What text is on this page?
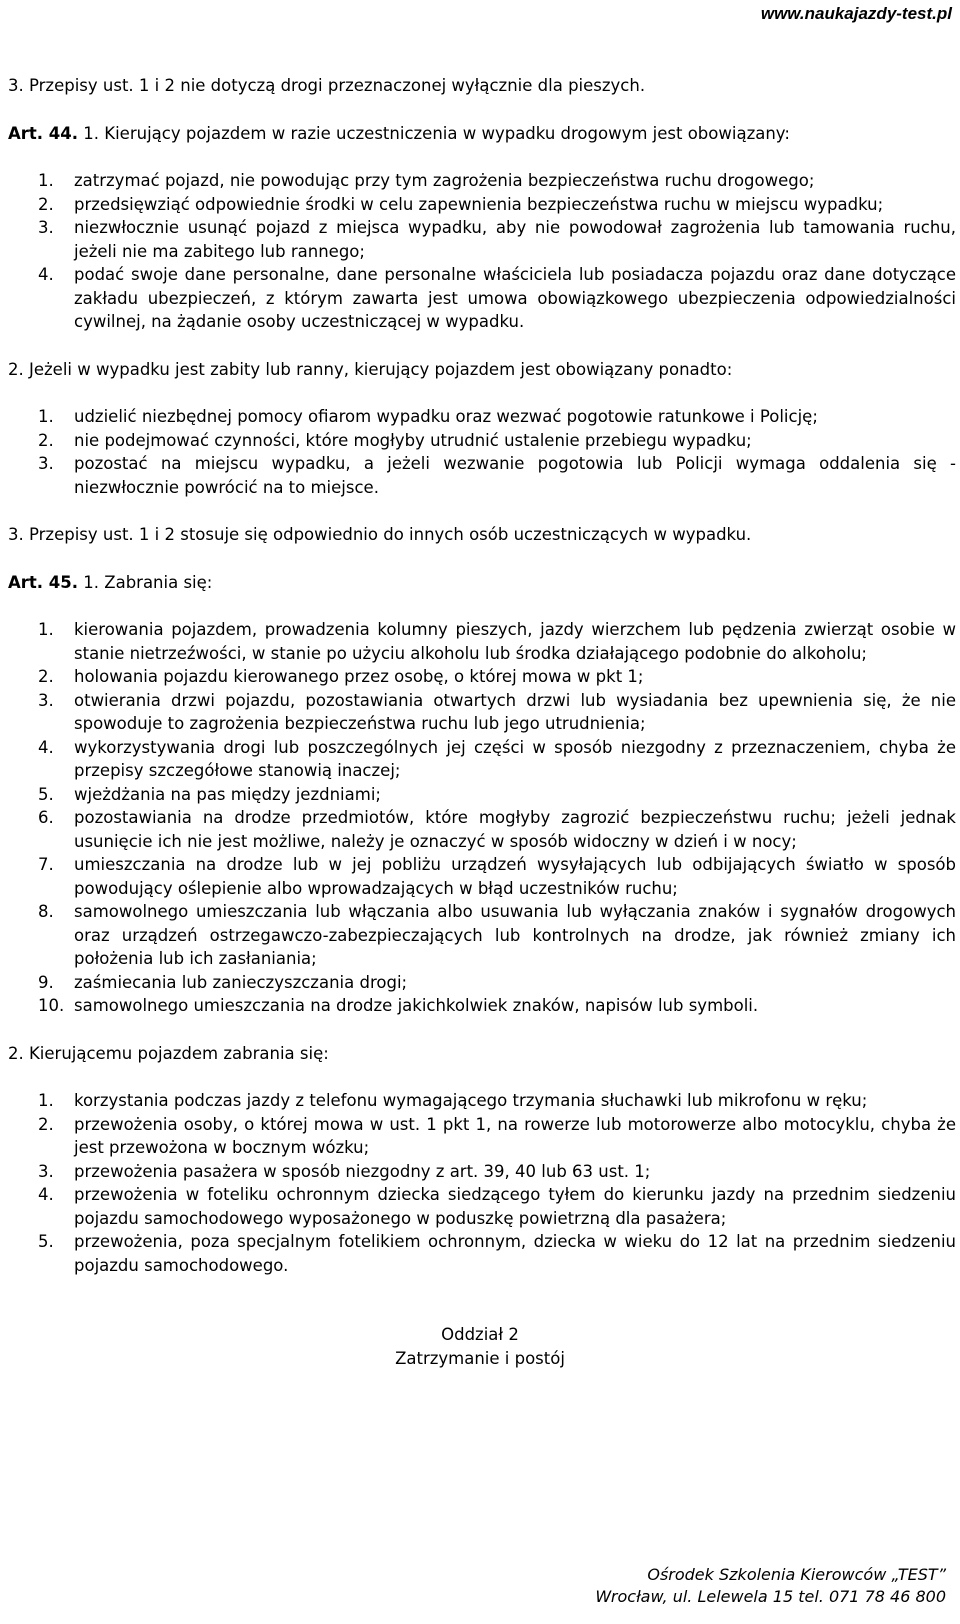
www.naukajazdy-test.pl

3. Przepisy ust. 1 i 2 nie dotyczą drogi przeznaczonej wyłącznie dla pieszych.

Art. 44. 1. Kierujący pojazdem w razie uczestniczenia w wypadku drogowym jest obowiązany:

1.	zatrzymać pojazd, nie powodując przy tym zagrożenia bezpieczeństwa ruchu drogowego;
2.	przedsięwziąć odpowiednie środki w celu zapewnienia bezpieczeństwa ruchu w miejscu wypadku;
3.	niezwłocznie usunąć pojazd z miejsca wypadku, aby nie powodował zagrożenia lub tamowania ruchu, jeżeli nie ma zabitego lub rannego;
4.	podać swoje dane personalne, dane personalne właściciela lub posiadacza pojazdu oraz dane dotyczące zakładu ubezpieczeń, z którym zawarta jest umowa obowiązkowego ubezpieczenia odpowiedzialności cywilnej, na żądanie osoby uczestniczącej w wypadku.

2. Jeżeli w wypadku jest zabity lub ranny, kierujący pojazdem jest obowiązany ponadto:

1.	udzielić niezbędnej pomocy ofiarom wypadku oraz wezwać pogotowie ratunkowe i Policję;
2.	nie podejmować czynności, które mogłyby utrudnić ustalenie przebiegu wypadku;
3.	pozostać na miejscu wypadku, a jeżeli wezwanie pogotowia lub Policji wymaga oddalenia się - niezwłocznie powrócić na to miejsce.

3. Przepisy ust. 1 i 2 stosuje się odpowiednio do innych osób uczestniczących w wypadku.

Art. 45. 1. Zabrania się:

1.	kierowania pojazdem, prowadzenia kolumny pieszych, jazdy wierzchem lub pędzenia zwierząt osobie w stanie nietrzeźwości, w stanie po użyciu alkoholu lub środka działającego podobnie do alkoholu;
2.	holowania pojazdu kierowanego przez osobę, o której mowa w pkt 1;
3.	otwierania drzwi pojazdu, pozostawiania otwartych drzwi lub wysiadania bez upewnienia się, że nie spowoduje to zagrożenia bezpieczeństwa ruchu lub jego utrudnienia;
4.	wykorzystywania drogi lub poszczególnych jej części w sposób niezgodny z przeznaczeniem, chyba że przepisy szczegółowe stanowią inaczej;
5.	wjeżdżania na pas między jezdniami;
6.	pozostawiania na drodze przedmiotów, które mogłyby zagrozić bezpieczeństwu ruchu; jeżeli jednak usunięcie ich nie jest możliwe, należy je oznaczyć w sposób widoczny w dzień i w nocy;
7.	umieszczania na drodze lub w jej pobliżu urządzeń wysyłających lub odbijających światło w sposób powodujący oślepienie albo wprowadzających w błąd uczestników ruchu;
8.	samowolnego umieszczania lub włączania albo usuwania lub wyłączania znaków i sygnałów drogowych oraz urządzeń ostrzegawczo-zabezpieczających lub kontrolnych na drodze, jak również zmiany ich położenia lub ich zasłaniania;
9.	zaśmiecania lub zanieczyszczania drogi;
10. samowolnego umieszczania na drodze jakichkolwiek znaków, napisów lub symboli.

2. Kierującemu pojazdem zabrania się:

1.	korzystania podczas jazdy z telefonu wymagającego trzymania słuchawki lub mikrofonu w ręku;
2.	przewożenia osoby, o której mowa w ust. 1 pkt 1, na rowerze lub motorowerze albo motocyklu, chyba że jest przewożona w bocznym wózku;
3.	przewożenia pasażera w sposób niezgodny z art. 39, 40 lub 63 ust. 1;
4.	przewożenia w foteliku ochronnym dziecka siedzącego tyłem do kierunku jazdy na przednim siedzeniu pojazdu samochodowego wyposażonego w poduszkę powietrzną dla pasażera;
5.	przewożenia, poza specjalnym fotelikiem ochronnym, dziecka w wieku do 12 lat na przednim siedzeniu pojazdu samochodowego.

Oddział 2

Zatrzymanie i postój

Ośrodek Szkolenia Kierowców „TEST”
Wrocław, ul. Lelewela 15 tel. 071 78 46 800
